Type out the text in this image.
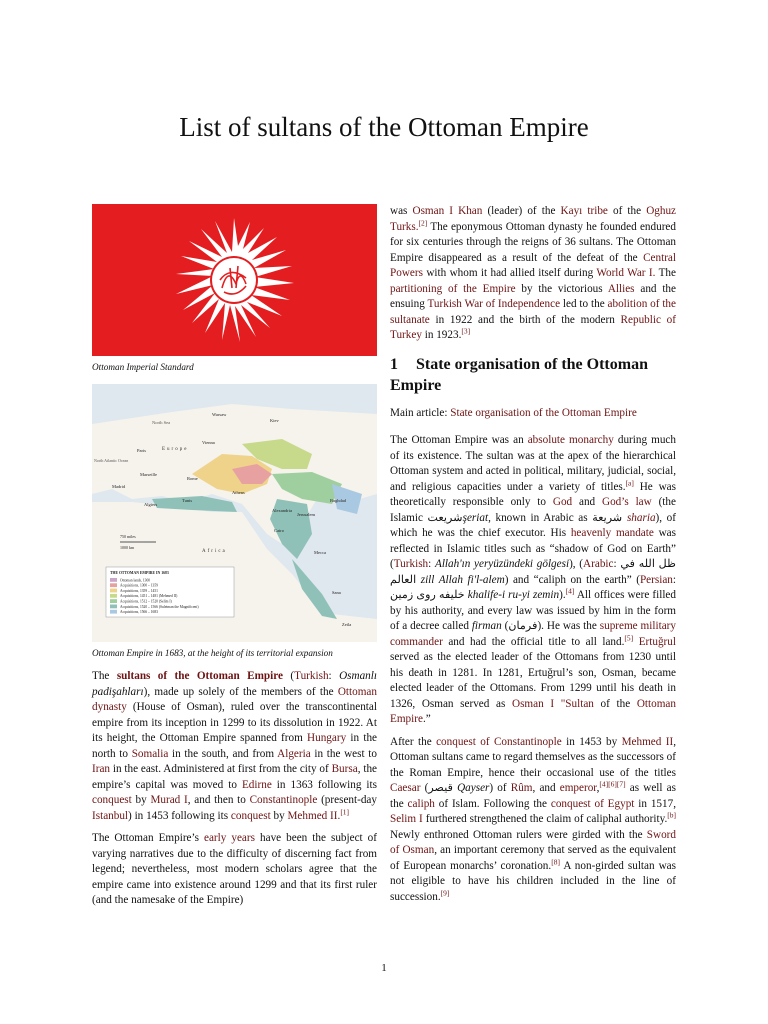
List of sultans of the Ottoman Empire
Ottoman Imperial Standard
North Sea
North Atlantic Ocean
Europe
Africa
Warsaw
Kiev
Vienna
Paris
Marseille
Madrid
Algiers
Tunis
Rome
Athens
Alexandria
Cairo
Baghdad
Jerusalem
Mecca
Sana
Zeila
750 miles
1000 km
THE OTTOMAN EMPIRE IN 1683
Ottoman lands, 1300
Acquisitions, 1300 – 1359
Acquisitions, 1359 – 1451
Acquisitions, 1451 – 1481 (Mehmed II)
Acquisitions, 1512 – 1520 (Selim I)
Acquisitions, 1520 – 1566 (Suleiman the Magnificent)
Acquisitions, 1566 – 1683
Ottoman Empire in 1683, at the height of its territorial expansion

The sultans of the Ottoman Empire (Turkish: Osmanlı padişahları), made up solely of the members of the Ottoman dynasty (House of Osman), ruled over the transcontinental empire from its inception in 1299 to its dissolution in 1922. At its height, the Ottoman Empire spanned from Hungary in the north to Somalia in the south, and from Algeria in the west to Iran in the east. Administered at first from the city of Bursa, the empire’s capital was moved to Edirne in 1363 following its conquest by Murad I, and then to Constantinople (present-day Istanbul) in 1453 following its conquest by Mehmed II.[1]

The Ottoman Empire’s early years have been the subject of varying narratives due to the difficulty of discerning fact from legend; nevertheless, most modern scholars agree that the empire came into existence around 1299 and that its first ruler (and the namesake of the Empire)

was Osman I Khan (leader) of the Kayı tribe of the Oghuz Turks.[2] The eponymous Ottoman dynasty he founded endured for six centuries through the reigns of 36 sultans. The Ottoman Empire disappeared as a result of the defeat of the Central Powers with whom it had allied itself during World War I. The partitioning of the Empire by the victorious Allies and the ensuing Turkish War of Independence led to the abolition of the sultanate in 1922 and the birth of the modern Republic of Turkey in 1923.[3]

1 State organisation of the Ottoman Empire

Main article: State organisation of the Ottoman Empire

The Ottoman Empire was an absolute monarchy during much of its existence. The sultan was at the apex of the hierarchical Ottoman system and acted in political, military, judicial, social, and religious capacities under a variety of titles.[a] He was theoretically responsible only to God and God’s law (the Islamic شریعتşeriat, known in Arabic as شريعة sharia), of which he was the chief executor. His heavenly mandate was reflected in Islamic titles such as “shadow of God on Earth” (Turkish: Allah'ın yeryüzündeki gölgesi), (Arabic: ظل الله في العالم zill Allah fi'l-alem) and “caliph on the earth” (Persian: خلیفه روی زمین khalife-i ru-yi zemin).[4] All offices were filled by his authority, and every law was issued by him in the form of a decree called firman (فرمان). He was the supreme military commander and had the official title to all land.[5] Ertuğrul served as the elected leader of the Ottomans from 1230 until his death in 1281. In 1281, Ertuğrul’s son, Osman, became elected leader of the Ottomans. From 1299 until his death in 1326, Osman served as Osman I "Sultan of the Ottoman Empire.”

After the conquest of Constantinople in 1453 by Mehmed II, Ottoman sultans came to regard themselves as the successors of the Roman Empire, hence their occasional use of the titles Caesar (قیصر Qayser) of Rûm, and emperor,[4][6][7] as well as the caliph of Islam. Following the conquest of Egypt in 1517, Selim I furthered strengthened the claim of caliphal authority.[b] Newly enthroned Ottoman rulers were girded with the Sword of Osman, an important ceremony that served as the equivalent of European monarchs’ coronation.[8] A non-girded sultan was not eligible to have his children included in the line of succession.[9]

1
